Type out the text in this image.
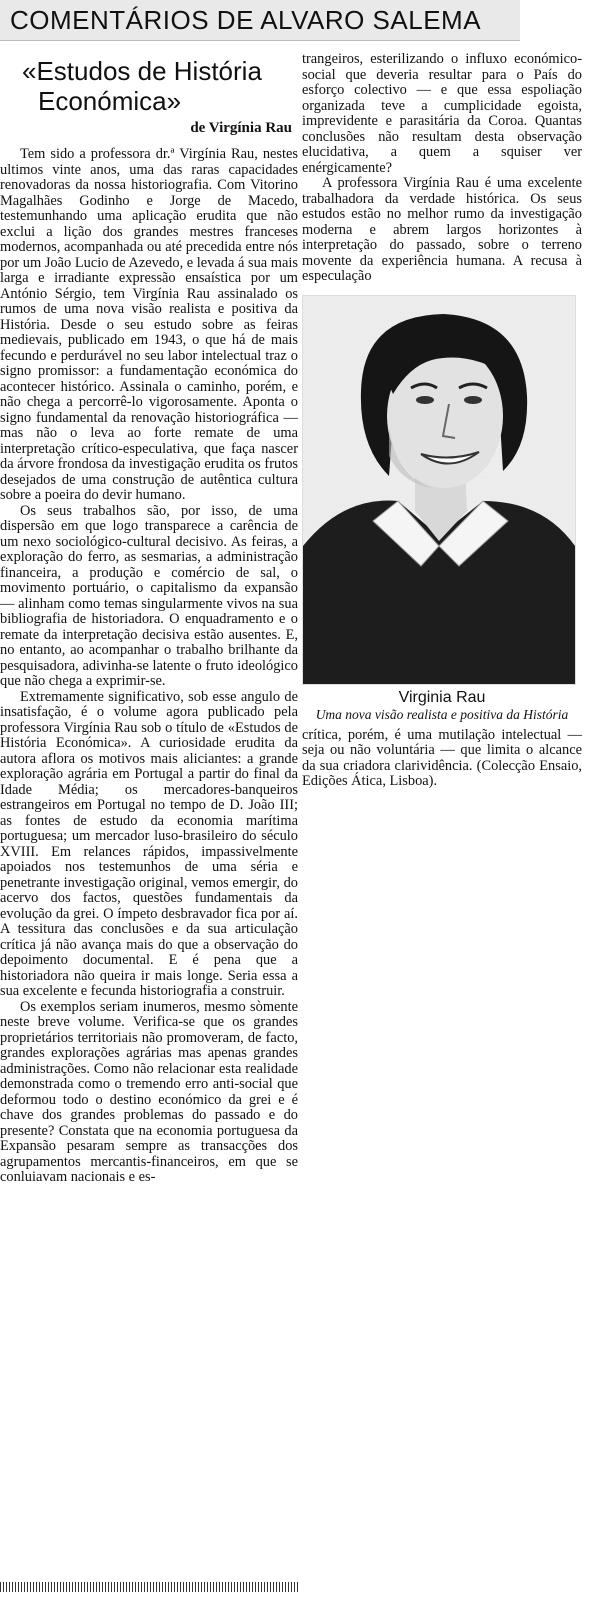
COMENTÁRIOS DE ALVARO SALEMA
«Estudos de História
Económica»
de Virgínia Rau

Tem sido a professora dr.ª Virgínia Rau, nestes ultimos vinte anos, uma das raras capacidades renovadoras da nossa historiografia. Com Vitorino Magalhães Godinho e Jorge de Macedo, testemunhando uma aplicação erudita que não exclui a lição dos grandes mestres franceses modernos, acompanhada ou até precedida entre nós por um João Lucio de Azevedo, e levada á sua mais larga e irradiante expressão ensaística por um António Sérgio, tem Virgínia Rau assinalado os rumos de uma nova visão realista e positiva da História. Desde o seu estudo sobre as feiras medievais, publicado em 1943, o que há de mais fecundo e perdurável no seu labor intelectual traz o signo promissor: a fundamentação económica do acontecer histórico. Assinala o caminho, porém, e não chega a percorrê-lo vigorosamente. Aponta o signo fundamental da renovação historiográfica — mas não o leva ao forte remate de uma interpretação crítico-especulativa, que faça nascer da árvore frondosa da investigação erudita os frutos desejados de uma construção de autêntica cultura sobre a poeira do devir humano.

Os seus trabalhos são, por isso, de uma dispersão em que logo transparece a carência de um nexo sociológico-cultural decisivo. As feiras, a exploração do ferro, as sesmarias, a administração financeira, a produção e comércio de sal, o movimento portuário, o capitalismo da expansão — alinham como temas singularmente vivos na sua bibliografia de historiadora. O enquadramento e o remate da interpretação decisiva estão ausentes. E, no entanto, ao acompanhar o trabalho brilhante da pesquisadora, adivinha-se latente o fruto ideológico que não chega a exprimir-se.

Extremamente significativo, sob esse angulo de insatisfação, é o volume agora publicado pela professora Virgínia Rau sob o título de «Estudos de História Económica». A curiosidade erudita da autora aflora os motivos mais aliciantes: a grande exploração agrária em Portugal a partir do final da Idade Média; os mercadores-banqueiros estrangeiros em Portugal no tempo de D. João III; as fontes de estudo da economia marítima portuguesa; um mercador luso-brasileiro do século XVIII. Em relances rápidos, impassivelmente apoiados nos testemunhos de uma séria e penetrante investigação original, vemos emergir, do acervo dos factos, questões fundamentais da evolução da grei. O ímpeto desbravador fica por aí. A tessitura das conclusões e da sua articulação crítica já não avança mais do que a observação do depoimento documental. E é pena que a historiadora não queira ir mais longe. Seria essa a sua excelente e fecunda historiografia a construir.

Os exemplos seriam inumeros, mesmo sòmente neste breve volume. Verifica-se que os grandes proprietários territoriais não promoveram, de facto, grandes explorações agrárias mas apenas grandes administrações. Como não relacionar esta realidade demonstrada como o tremendo erro anti-social que deformou todo o destino económico da grei e é chave dos grandes problemas do passado e do presente? Constata que na economia portuguesa da Expansão pesaram sempre as transacções dos agrupamentos mercantis-financeiros, em que se conluiavam nacionais e es-

trangeiros, esterilizando o influxo económico-social que deveria resultar para o País do esforço colectivo — e que essa espoliação organizada teve a cumplicidade egoista, imprevidente e parasitária da Coroa. Quantas conclusões não resultam desta observação elucidativa, a quem a squiser ver enérgicamente?

A professora Virgínia Rau é uma excelente trabalhadora da verdade histórica. Os seus estudos estão no melhor rumo da investigação moderna e abrem largos horizontes à interpretação do passado, sobre o terreno movente da experiência humana. A recusa à especulação

Virginia Rau
Uma nova visão realista e positiva da História

crítica, porém, é uma mutilação intelectual — seja ou não voluntária — que limita o alcance da sua criadora clarividência. (Colecção Ensaio, Edições Ática, Lisboa).
